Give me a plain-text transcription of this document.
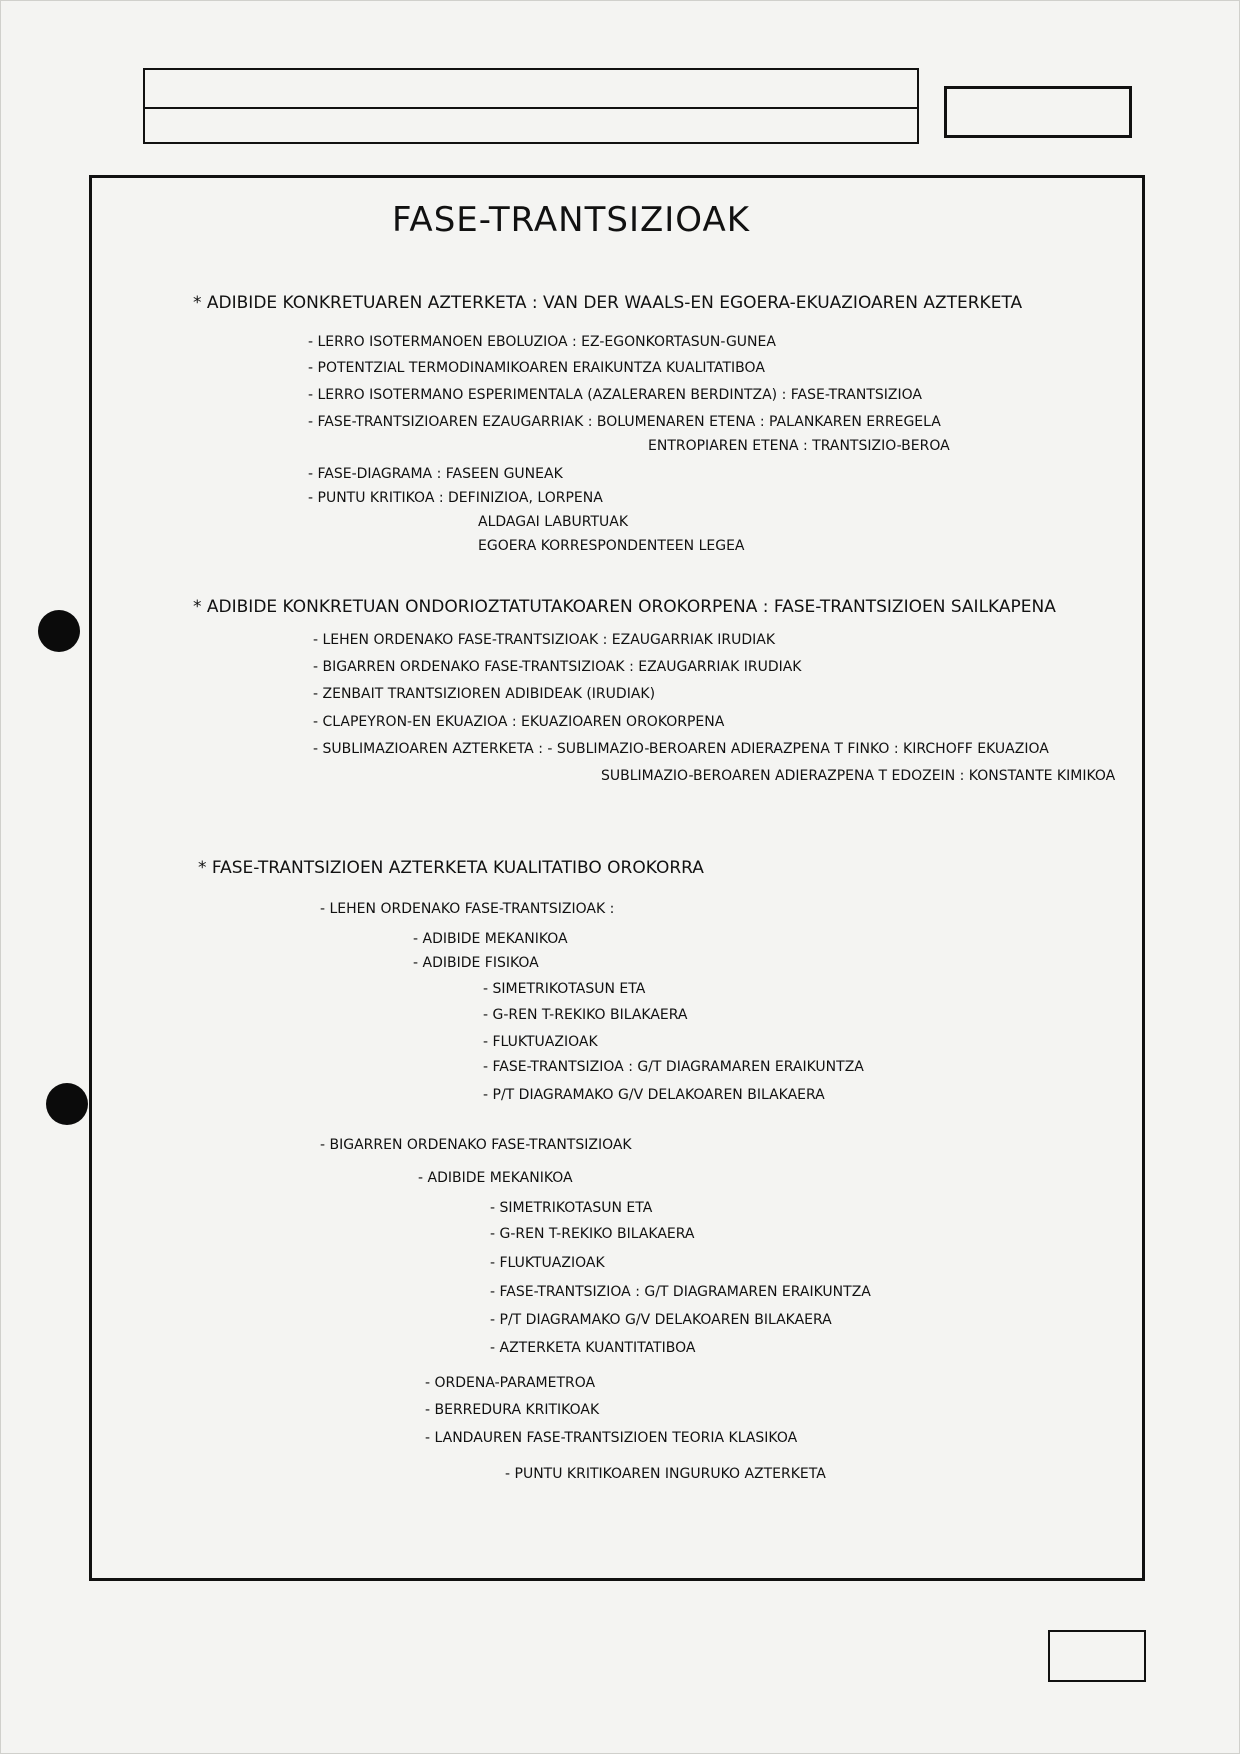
FASE-TRANTSIZIOAK
* ADIBIDE KONKRETUAREN AZTERKETA : VAN DER WAALS-EN EGOERA-EKUAZIOAREN AZTERKETA
- LERRO ISOTERMANOEN EBOLUZIOA : EZ-EGONKORTASUN-GUNEA
- POTENTZIAL TERMODINAMIKOAREN ERAIKUNTZA KUALITATIBOA
- LERRO ISOTERMANO ESPERIMENTALA (AZALERAREN BERDINTZA) : FASE-TRANTSIZIOA
- FASE-TRANTSIZIOAREN EZAUGARRIAK : BOLUMENAREN ETENA : PALANKAREN ERREGELA
ENTROPIAREN ETENA : TRANTSIZIO-BEROA
- FASE-DIAGRAMA : FASEEN GUNEAK
- PUNTU KRITIKOA : DEFINIZIOA, LORPENA
ALDAGAI LABURTUAK
EGOERA KORRESPONDENTEEN LEGEA
* ADIBIDE KONKRETUAN ONDORIOZTATUTAKOAREN OROKORPENA : FASE-TRANTSIZIOEN SAILKAPENA
- LEHEN ORDENAKO FASE-TRANTSIZIOAK : EZAUGARRIAK IRUDIAK
- BIGARREN ORDENAKO FASE-TRANTSIZIOAK : EZAUGARRIAK IRUDIAK
- ZENBAIT TRANTSIZIOREN ADIBIDEAK (IRUDIAK)
- CLAPEYRON-EN EKUAZIOA : EKUAZIOAREN OROKORPENA
- SUBLIMAZIOAREN AZTERKETA : - SUBLIMAZIO-BEROAREN ADIERAZPENA T FINKO : KIRCHOFF EKUAZIOA
SUBLIMAZIO-BEROAREN ADIERAZPENA T EDOZEIN : KONSTANTE KIMIKOA
* FASE-TRANTSIZIOEN AZTERKETA KUALITATIBO OROKORRA
- LEHEN ORDENAKO FASE-TRANTSIZIOAK :
- ADIBIDE MEKANIKOA
- ADIBIDE FISIKOA
- SIMETRIKOTASUN ETA
- G-REN T-REKIKO BILAKAERA
- FLUKTUAZIOAK
- FASE-TRANTSIZIOA : G/T DIAGRAMAREN ERAIKUNTZA
- P/T DIAGRAMAKO G/V DELAKOAREN BILAKAERA
- BIGARREN ORDENAKO FASE-TRANTSIZIOAK
- ADIBIDE MEKANIKOA
- SIMETRIKOTASUN ETA
- G-REN T-REKIKO BILAKAERA
- FLUKTUAZIOAK
- FASE-TRANTSIZIOA : G/T DIAGRAMAREN ERAIKUNTZA
- P/T DIAGRAMAKO G/V DELAKOAREN BILAKAERA
- AZTERKETA KUANTITATIBOA
- ORDENA-PARAMETROA
- BERREDURA KRITIKOAK
- LANDAUREN FASE-TRANTSIZIOEN TEORIA KLASIKOA
- PUNTU KRITIKOAREN INGURUKO AZTERKETA
